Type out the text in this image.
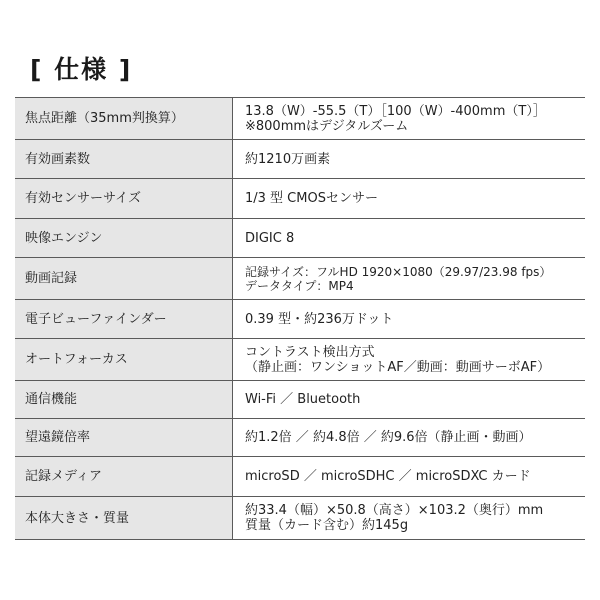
[ 仕様 ]
焦点距離（35mm判換算）	13.8（W）-55.5（T）［100（W）-400mm（T）］
※800mmはデジタルズーム

有効画素数	約1210万画素

有効センサーサイズ	1/3 型 CMOSセンサー

映像エンジン	DIGIC 8

動画記録	記録サイズ：フルHD 1920×1080（29.97/23.98 fps）
データタイプ：MP4

電子ビューファインダー	0.39 型・約236万ドット

オートフォーカス	コントラスト検出方式
（静止画：ワンショットAF／動画：動画サーボAF）

通信機能	Wi-Fi ／ Bluetooth

望遠鏡倍率	約1.2倍 ／ 約4.8倍 ／ 約9.6倍（静止画・動画）

記録メディア	microSD ／ microSDHC ／ microSDXC カード

本体大きさ・質量	約33.4（幅）×50.8（高さ）×103.2（奥行）mm
質量（カード含む）約145g
